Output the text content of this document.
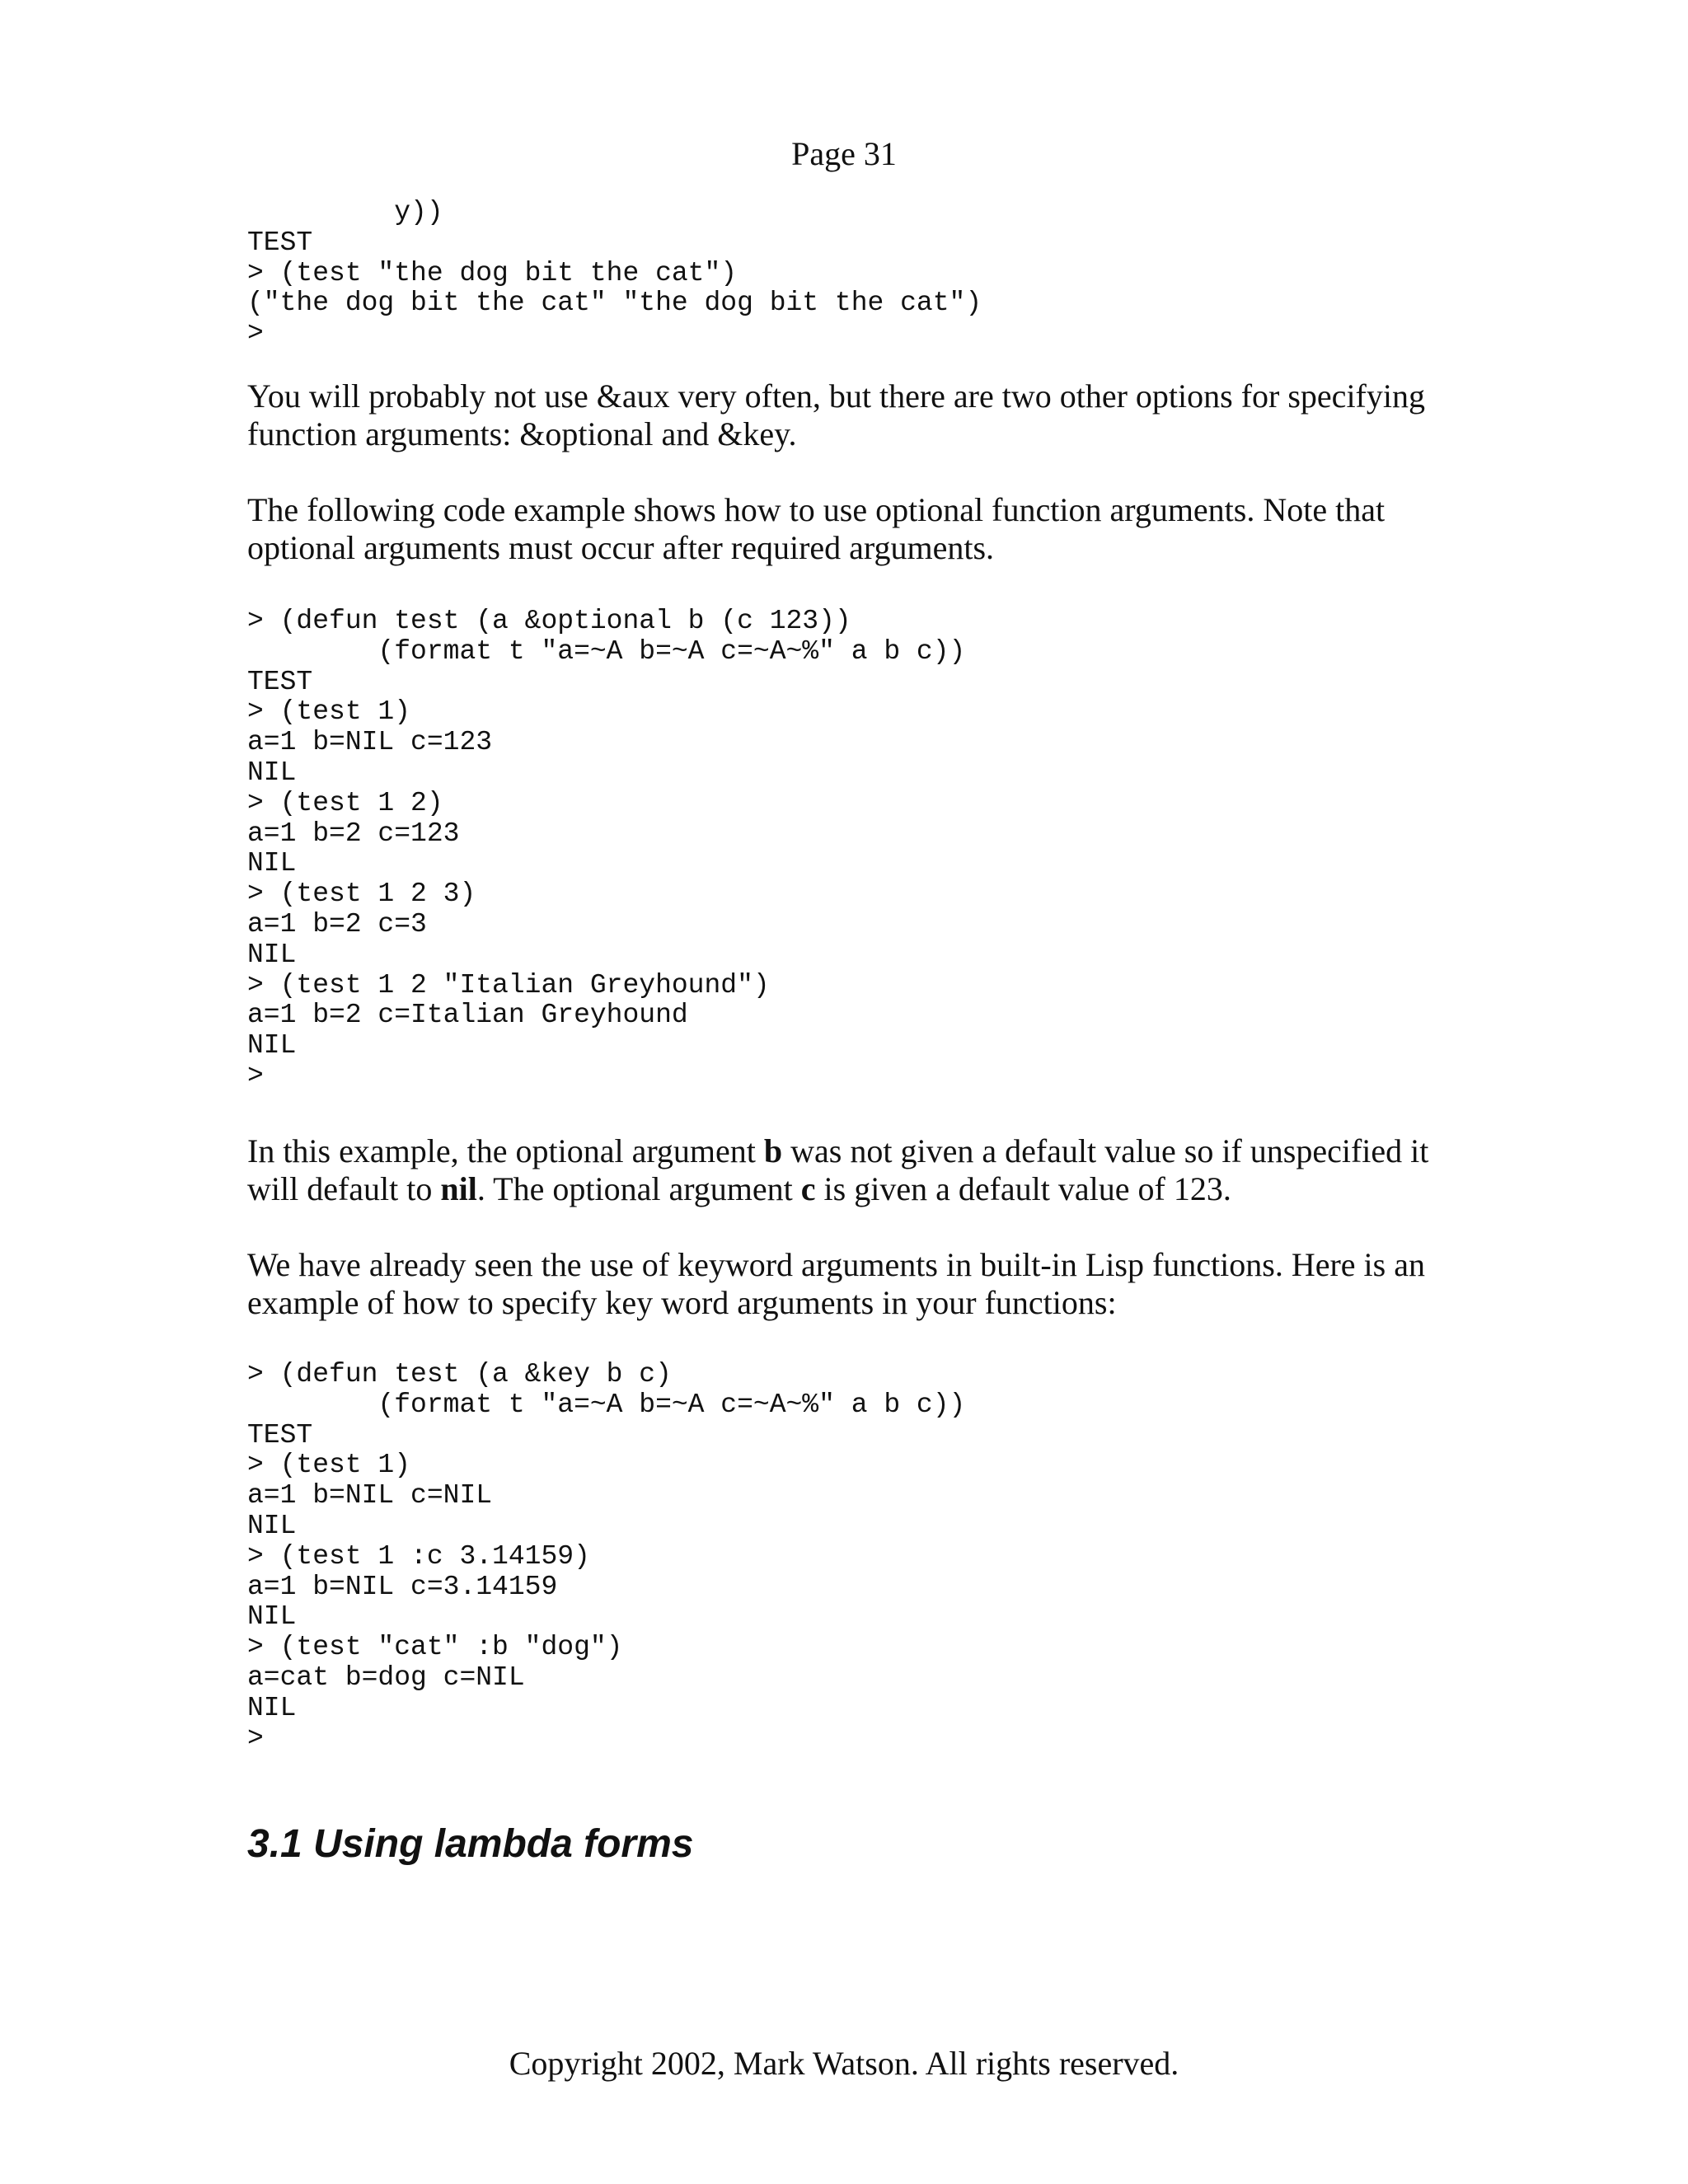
Page 31
y))
TEST
> (test "the dog bit the cat")
("the dog bit the cat" "the dog bit the cat")
>

You will probably not use &aux very often, but there are two other options for specifying function arguments: &optional and &key.

The following code example shows how to use optional function arguments. Note that optional arguments must occur after required arguments.

> (defun test (a &optional b (c 123))
(format t "a=~A b=~A c=~A~%" a b c))
TEST
> (test 1)
a=1 b=NIL c=123
NIL
> (test 1 2)
a=1 b=2 c=123
NIL
> (test 1 2 3)
a=1 b=2 c=3
NIL
> (test 1 2 "Italian Greyhound")
a=1 b=2 c=Italian Greyhound
NIL
>

In this example, the optional argument b was not given a default value so if unspecified it will default to nil. The optional argument c is given a default value of 123.

We have already seen the use of keyword arguments in built-in Lisp functions. Here is an example of how to specify key word arguments in your functions:

> (defun test (a &key b c)
(format t "a=~A b=~A c=~A~%" a b c))
TEST
> (test 1)
a=1 b=NIL c=NIL
NIL
> (test 1 :c 3.14159)
a=1 b=NIL c=3.14159
NIL
> (test "cat" :b "dog")
a=cat b=dog c=NIL
NIL
>
3.1 Using lambda forms
Copyright 2002, Mark Watson. All rights reserved.
